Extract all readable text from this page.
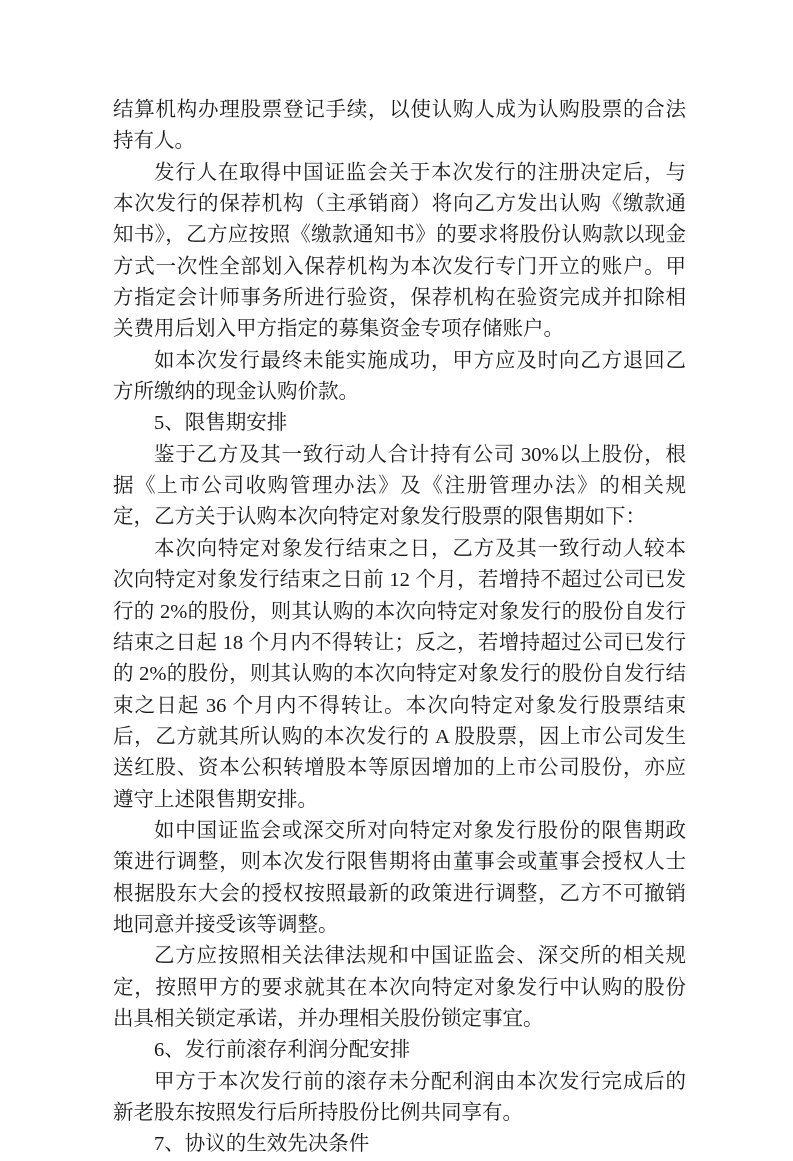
结算机构办理股票登记手续，以使认购人成为认购股票的合法持有人。

发行人在取得中国证监会关于本次发行的注册决定后，与本次发行的保荐机构（主承销商）将向乙方发出认购《缴款通知书》，乙方应按照《缴款通知书》的要求将股份认购款以现金方式一次性全部划入保荐机构为本次发行专门开立的账户。甲方指定会计师事务所进行验资，保荐机构在验资完成并扣除相关费用后划入甲方指定的募集资金专项存储账户。

如本次发行最终未能实施成功，甲方应及时向乙方退回乙方所缴纳的现金认购价款。

5、限售期安排

鉴于乙方及其一致行动人合计持有公司 30%以上股份，根据《上市公司收购管理办法》及《注册管理办法》的相关规定，乙方关于认购本次向特定对象发行股票的限售期如下：

本次向特定对象发行结束之日，乙方及其一致行动人较本次向特定对象发行结束之日前 12 个月，若增持不超过公司已发行的 2%的股份，则其认购的本次向特定对象发行的股份自发行结束之日起 18 个月内不得转让；反之，若增持超过公司已发行的 2%的股份，则其认购的本次向特定对象发行的股份自发行结束之日起 36 个月内不得转让。本次向特定对象发行股票结束后，乙方就其所认购的本次发行的 A 股股票，因上市公司发生送红股、资本公积转增股本等原因增加的上市公司股份，亦应遵守上述限售期安排。

如中国证监会或深交所对向特定对象发行股份的限售期政策进行调整，则本次发行限售期将由董事会或董事会授权人士根据股东大会的授权按照最新的政策进行调整，乙方不可撤销地同意并接受该等调整。

乙方应按照相关法律法规和中国证监会、深交所的相关规定，按照甲方的要求就其在本次向特定对象发行中认购的股份出具相关锁定承诺，并办理相关股份锁定事宜。

6、发行前滚存利润分配安排

甲方于本次发行前的滚存未分配利润由本次发行完成后的新老股东按照发行后所持股份比例共同享有。

7、协议的生效先决条件
